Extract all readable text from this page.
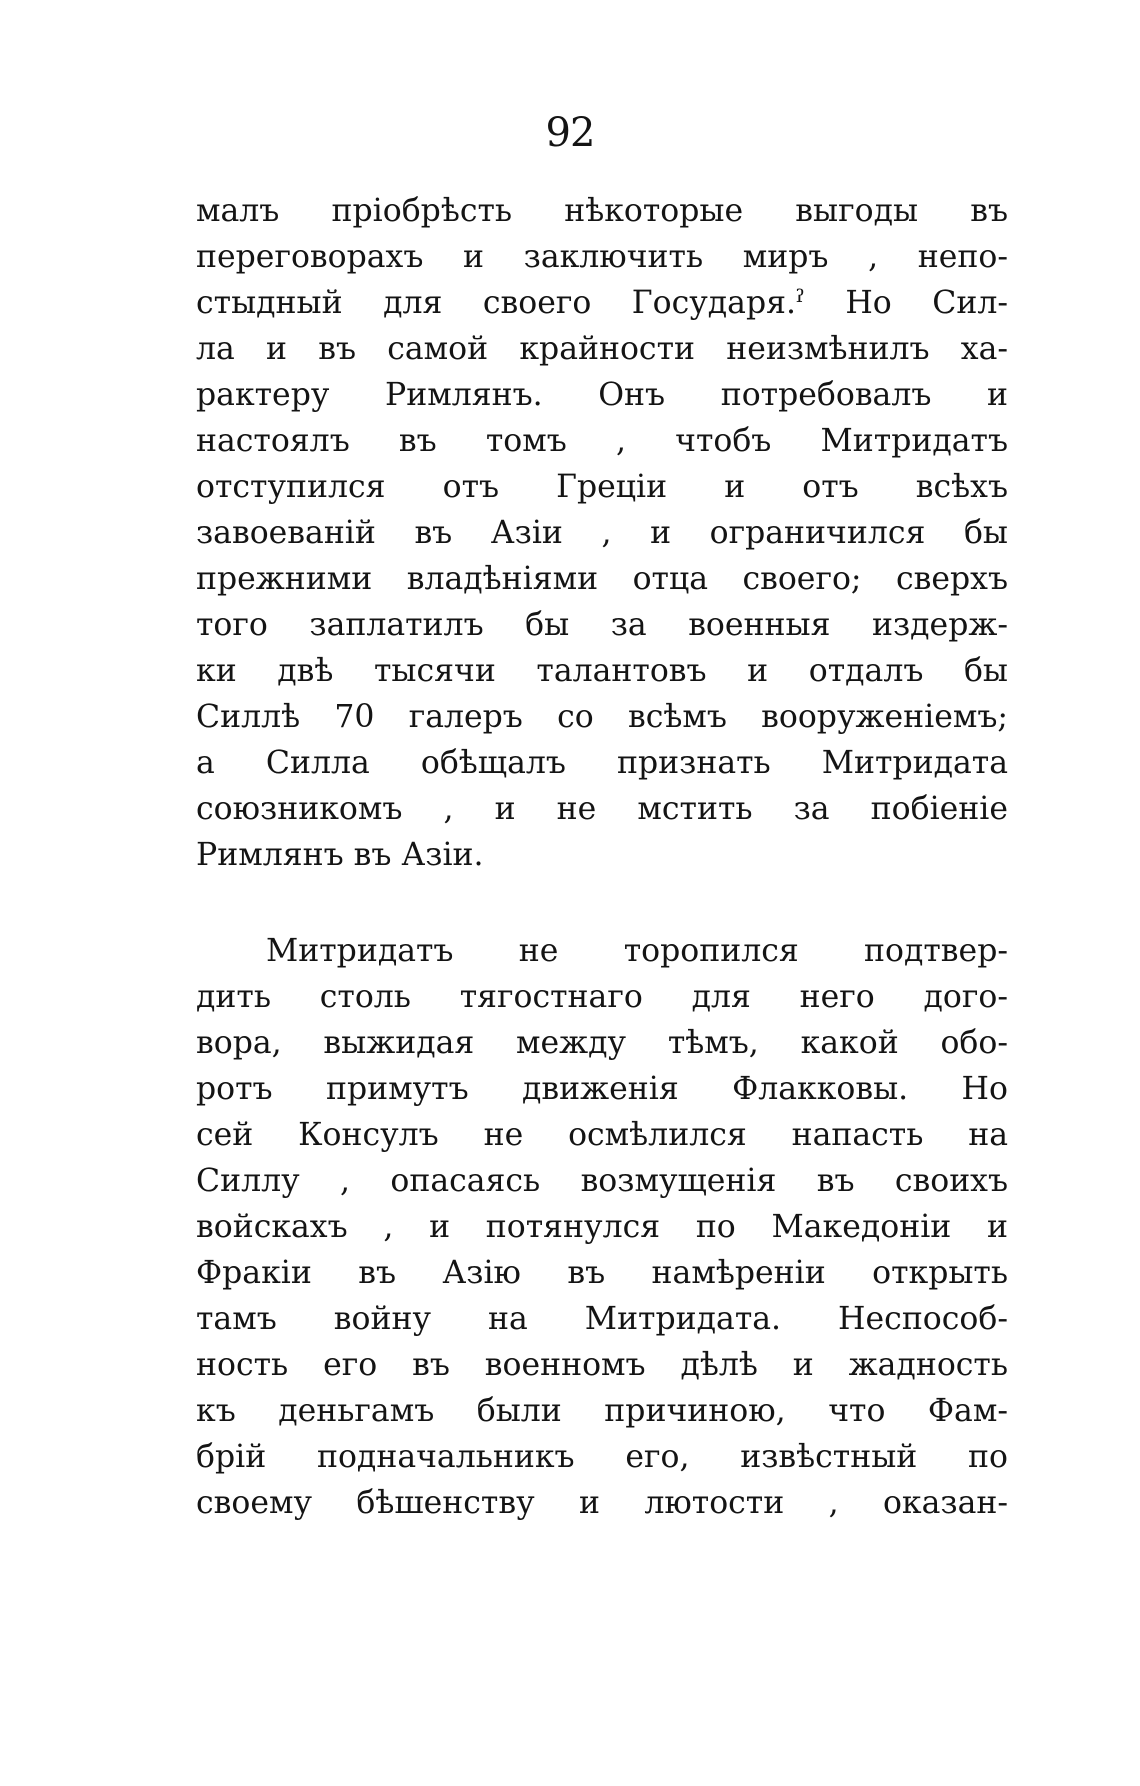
92
малъ прiобрѣсть нѣкоторые выгоды въ
переговорахъ и заключить миръ , непо-
стыдный для своего Государя.ˀ Но Сил-
ла и въ самой крайности неизмѣнилъ ха-
рактеру Римлянъ. Онъ потребовалъ и
настоялъ въ томъ , чтобъ Митридатъ
отступился отъ Грецiи и отъ всѣхъ
завоеванiй въ Азiи , и ограничился бы
прежними владѣнiями отца своего; сверхъ
того заплатилъ бы за военныя издерж-
ки двѣ тысячи талантовъ и отдалъ бы
Силлѣ 70 галеръ со всѣмъ вооруженiемъ;
а Силла обѣщалъ признать Митридата
союзникомъ , и не мстить за побiенiе
Римлянъ въ Азiи.
Митридатъ не торопился подтвер-
дить столь тягостнаго для него дого-
вора, выжидая между тѣмъ, какой обо-
ротъ примутъ движенiя Флакковы. Но
сей Консулъ не осмѣлился напасть на
Силлу , опасаясь возмущенiя въ своихъ
войскахъ , и потянулся по Македонiи и
Фракiи въ Азiю въ намѣренiи открыть
тамъ войну на Митридата. Неспособ-
ность его въ военномъ дѣлѣ и жадность
къ деньгамъ были причиною, что Фам-
брiй подначальникъ его, извѣстный по
своему бѣшенству и лютости , оказан-
